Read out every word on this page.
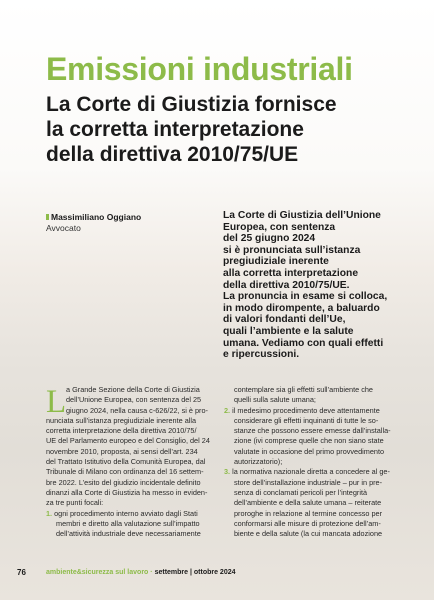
Emissioni industriali
La Corte di Giustizia fornisce
la corretta interpretazione
della direttiva 2010/75/UE
Massimiliano Oggiano
Avvocato

La Corte di Giustizia dell’Unione
Europea, con sentenza
del 25 giugno 2024
si è pronunciata sull’istanza
pregiudiziale inerente
alla corretta interpretazione
della direttiva 2010/75/UE.
La pronuncia in esame si colloca,
in modo dirompente, a baluardo
di valori fondanti dell’Ue,
quali l’ambiente e la salute
umana. Vediamo con quali effetti
e ripercussioni.

L a Grande Sezione della Corte di Giustizia
dell’Unione Europea, con sentenza del 25
giugno 2024, nella causa c-626/22, si è pro-
nunciata sull’istanza pregiudiziale inerente alla
corretta interpretazione della direttiva 2010/75/
UE del Parlamento europeo e del Consiglio, del 24
novembre 2010, proposta, ai sensi dell’art. 234
del Trattato Istitutivo della Comunità Europea, dal
Tribunale di Milano con ordinanza del 16 settem-
bre 2022. L’esito del giudizio incidentale definito
dinanzi alla Corte di Giustizia ha messo in eviden-
za tre punti focali:
1. ogni procedimento interno avviato dagli Stati
membri e diretto alla valutazione sull’impatto
dell’attività industriale deve necessariamente
contemplare sia gli effetti sull’ambiente che
quelli sulla salute umana;
2. il medesimo procedimento deve attentamente
considerare gli effetti inquinanti di tutte le so-
stanze che possono essere emesse dall’installa-
zione (ivi comprese quelle che non siano state
valutate in occasione del primo provvedimento
autorizzatorio);
3. la normativa nazionale diretta a concedere al ge-
store dell’installazione industriale – pur in pre-
senza di conclamati pericoli per l’integrità
dell’ambiente e della salute umana – reiterate
proroghe in relazione al termine concesso per
conformarsi alle misure di protezione dell’am-
biente e della salute (la cui mancata adozione
76	ambiente&sicurezza sul lavoro · settembre | ottobre 2024
